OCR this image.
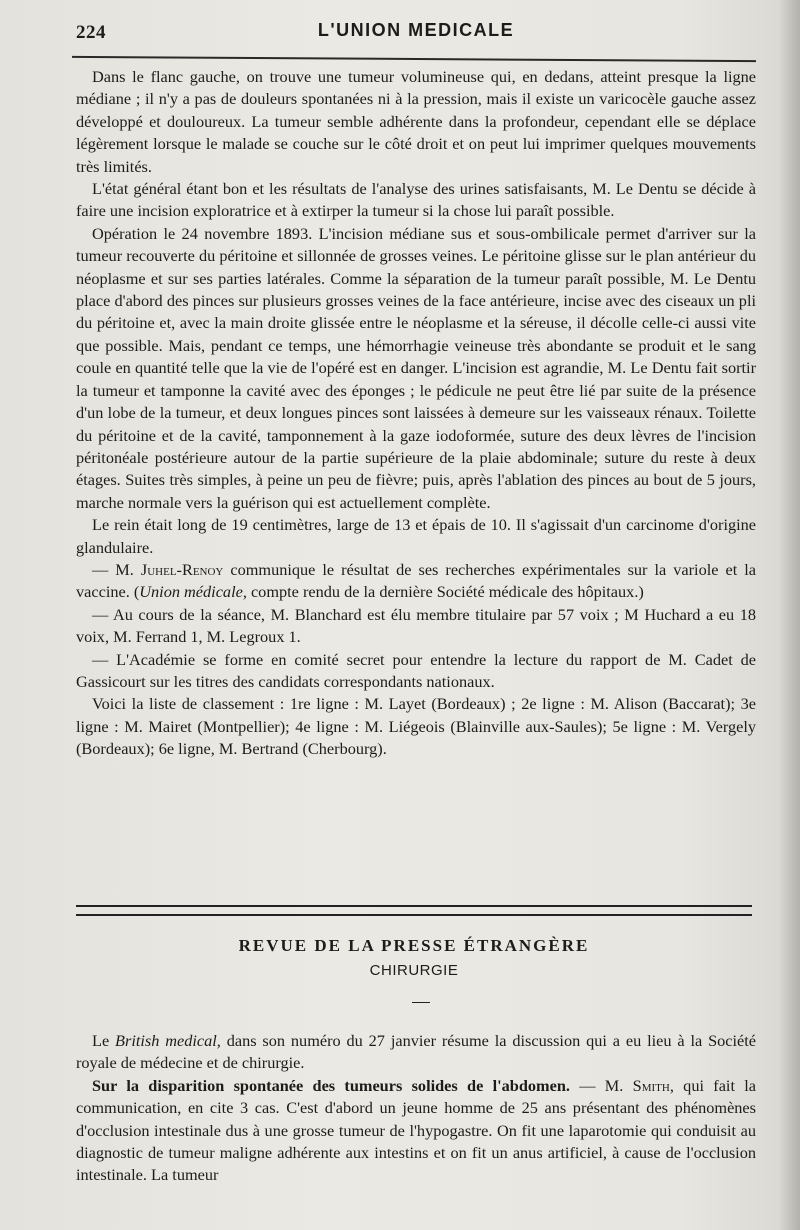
224	L'UNION MEDICALE

Dans le flanc gauche, on trouve une tumeur volumineuse qui, en dedans, atteint presque la ligne médiane ; il n'y a pas de douleurs spontanées ni à la pression, mais il existe un varicocèle gauche assez développé et douloureux. La tumeur semble adhérente dans la profondeur, cependant elle se déplace légèrement lorsque le malade se couche sur le côté droit et on peut lui imprimer quelques mouvements très limités.

L'état général étant bon et les résultats de l'analyse des urines satisfaisants, M. Le Dentu se décide à faire une incision exploratrice et à extirper la tumeur si la chose lui paraît possible.

Opération le 24 novembre 1893. L'incision médiane sus et sous-ombilicale permet d'arriver sur la tumeur recouverte du péritoine et sillonnée de grosses veines. Le péritoine glisse sur le plan antérieur du néoplasme et sur ses parties latérales. Comme la séparation de la tumeur paraît possible, M. Le Dentu place d'abord des pinces sur plusieurs grosses veines de la face antérieure, incise avec des ciseaux un pli du péritoine et, avec la main droite glissée entre le néoplasme et la séreuse, il décolle celle-ci aussi vite que possible. Mais, pendant ce temps, une hémorrhagie veineuse très abondante se produit et le sang coule en quantité telle que la vie de l'opéré est en danger. L'incision est agrandie, M. Le Dentu fait sortir la tumeur et tamponne la cavité avec des éponges ; le pédicule ne peut être lié par suite de la présence d'un lobe de la tumeur, et deux longues pinces sont laissées à demeure sur les vaisseaux rénaux. Toilette du péritoine et de la cavité, tamponnement à la gaze iodoformée, suture des deux lèvres de l'incision péritonéale postérieure autour de la partie supérieure de la plaie abdominale; suture du reste à deux étages. Suites très simples, à peine un peu de fièvre; puis, après l'ablation des pinces au bout de 5 jours, marche normale vers la guérison qui est actuellement complète.

Le rein était long de 19 centimètres, large de 13 et épais de 10. Il s'agissait d'un carcinome d'origine glandulaire.

— M. Juhel-Renoy communique le résultat de ses recherches expérimentales sur la variole et la vaccine. (Union médicale, compte rendu de la dernière Société médicale des hôpitaux.)

— Au cours de la séance, M. Blanchard est élu membre titulaire par 57 voix ; M Huchard a eu 18 voix, M. Ferrand 1, M. Legroux 1.

— L'Académie se forme en comité secret pour entendre la lecture du rapport de M. Cadet de Gassicourt sur les titres des candidats correspondants nationaux.

Voici la liste de classement : 1re ligne : M. Layet (Bordeaux) ; 2e ligne : M. Alison (Baccarat); 3e ligne : M. Mairet (Montpellier); 4e ligne : M. Liégeois (Blainville aux-Saules); 5e ligne : M. Vergely (Bordeaux); 6e ligne, M. Bertrand (Cherbourg).

REVUE DE LA PRESSE ÉTRANGÈRE
CHIRURGIE

Le British medical, dans son numéro du 27 janvier résume la discussion qui a eu lieu à la Société royale de médecine et de chirurgie.

Sur la disparition spontanée des tumeurs solides de l'abdomen. — M. Smith, qui fait la communication, en cite 3 cas. C'est d'abord un jeune homme de 25 ans présentant des phénomènes d'occlusion intestinale dus à une grosse tumeur de l'hypogastre. On fit une laparotomie qui conduisit au diagnostic de tumeur maligne adhérente aux intestins et on fit un anus artificiel, à cause de l'occlusion intestinale. La tumeur
